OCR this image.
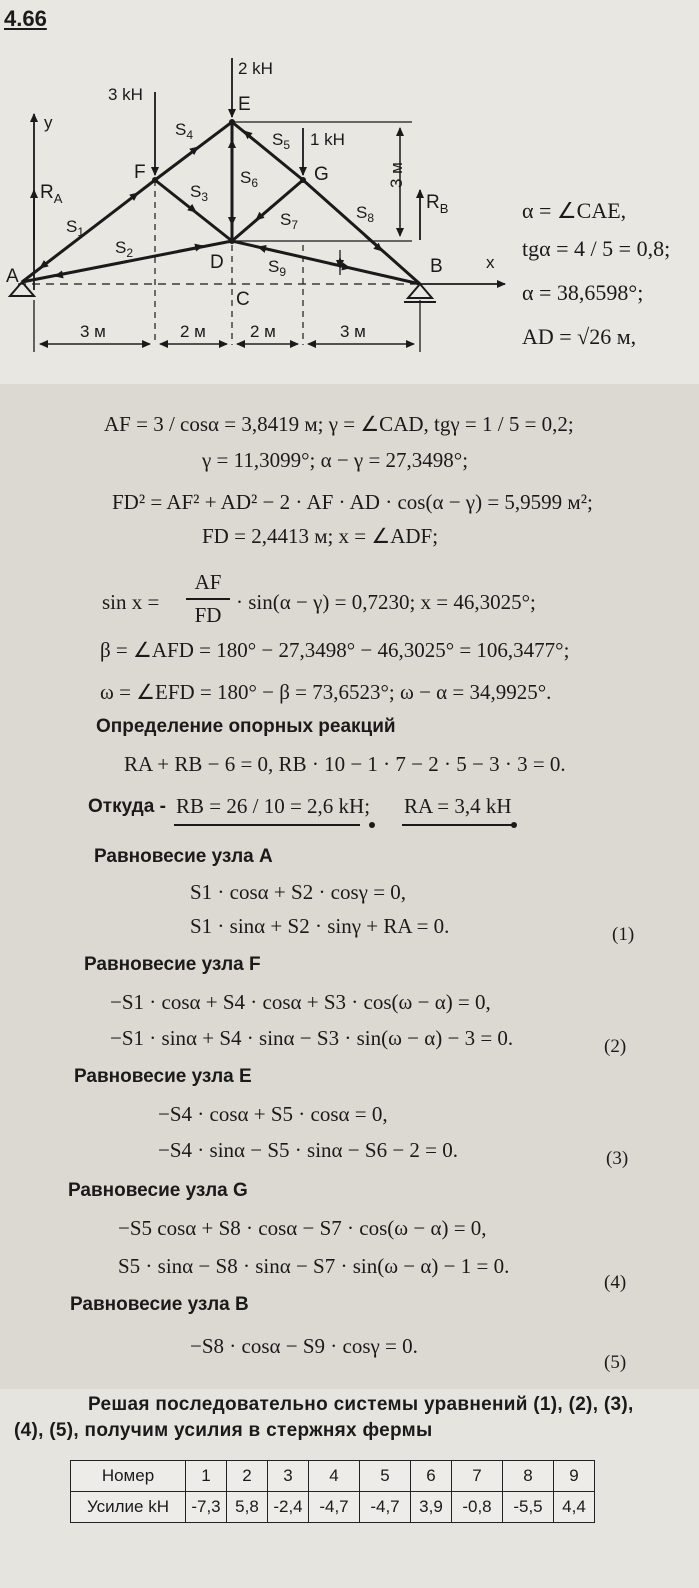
4.66
3 kH
2 kH
1 kH
y
x
$R_A$	$R_B$
A	B
C
D
E
F	G
$S_1$
$S_2$
$S_3$
$S_4$	$S_5$
$S_6$
$S_7$
$S_8$
$S_9$
3 м	2 м	2 м	3 м
3 м
α = ∠CAE,
tgα = 4 / 5 = 0,8;
α = 38,6598°;
AD = √26 м,
AF = 3 / cosα = 3,8419 м; γ = ∠CAD, tgγ = 1 / 5 = 0,2;
γ = 11,3099°; α − γ = 27,3498°;
FD² = AF² + AD² − 2 · AF · AD · cos(α − γ) = 5,9599 м²;
FD = 2,4413 м; x = ∠ADF;
sin x =
AF
FD
· sin(α − γ) = 0,7230; x = 46,3025°;
β = ∠AFD = 180° − 27,3498° − 46,3025° = 106,3477°;
ω = ∠EFD = 180° − β = 73,6523°; ω − α = 34,9925°.
Определение опорных реакций
RA + RB − 6 = 0, RB · 10 − 1 · 7 − 2 · 5 − 3 · 3 = 0.
Откуда - RB = 26 / 10 = 2,6 kH; RA = 3,4 kH
Равновесие узла A
S1 · cosα + S2 · cosγ = 0,
S1 · sinα + S2 · sinγ + RA = 0.	(1)
Равновесие узла F
−S1 · cosα + S4 · cosα + S3 · cos(ω − α) = 0,
−S1 · sinα + S4 · sinα − S3 · sin(ω − α) − 3 = 0.	(2)
Равновесие узла E
−S4 · cosα + S5 · cosα = 0,
−S4 · sinα − S5 · sinα − S6 − 2 = 0.	(3)
Равновесие узла G
−S5 cosα + S8 · cosα − S7 · cos(ω − α) = 0,
S5 · sinα − S8 · sinα − S7 · sin(ω − α) − 1 = 0.
(4)
Равновесие узла B
−S8 · cosα − S9 · cosγ = 0.
(5)
Решая последовательно системы уравнений (1), (2), (3),
(4), (5), получим усилия в стержнях фермы
Номер	1	2	3	4	5	6	7	8	9
Усилие kH	-7,3	5,8	-2,4	-4,7	-4,7	3,9	-0,8	-5,5	4,4
